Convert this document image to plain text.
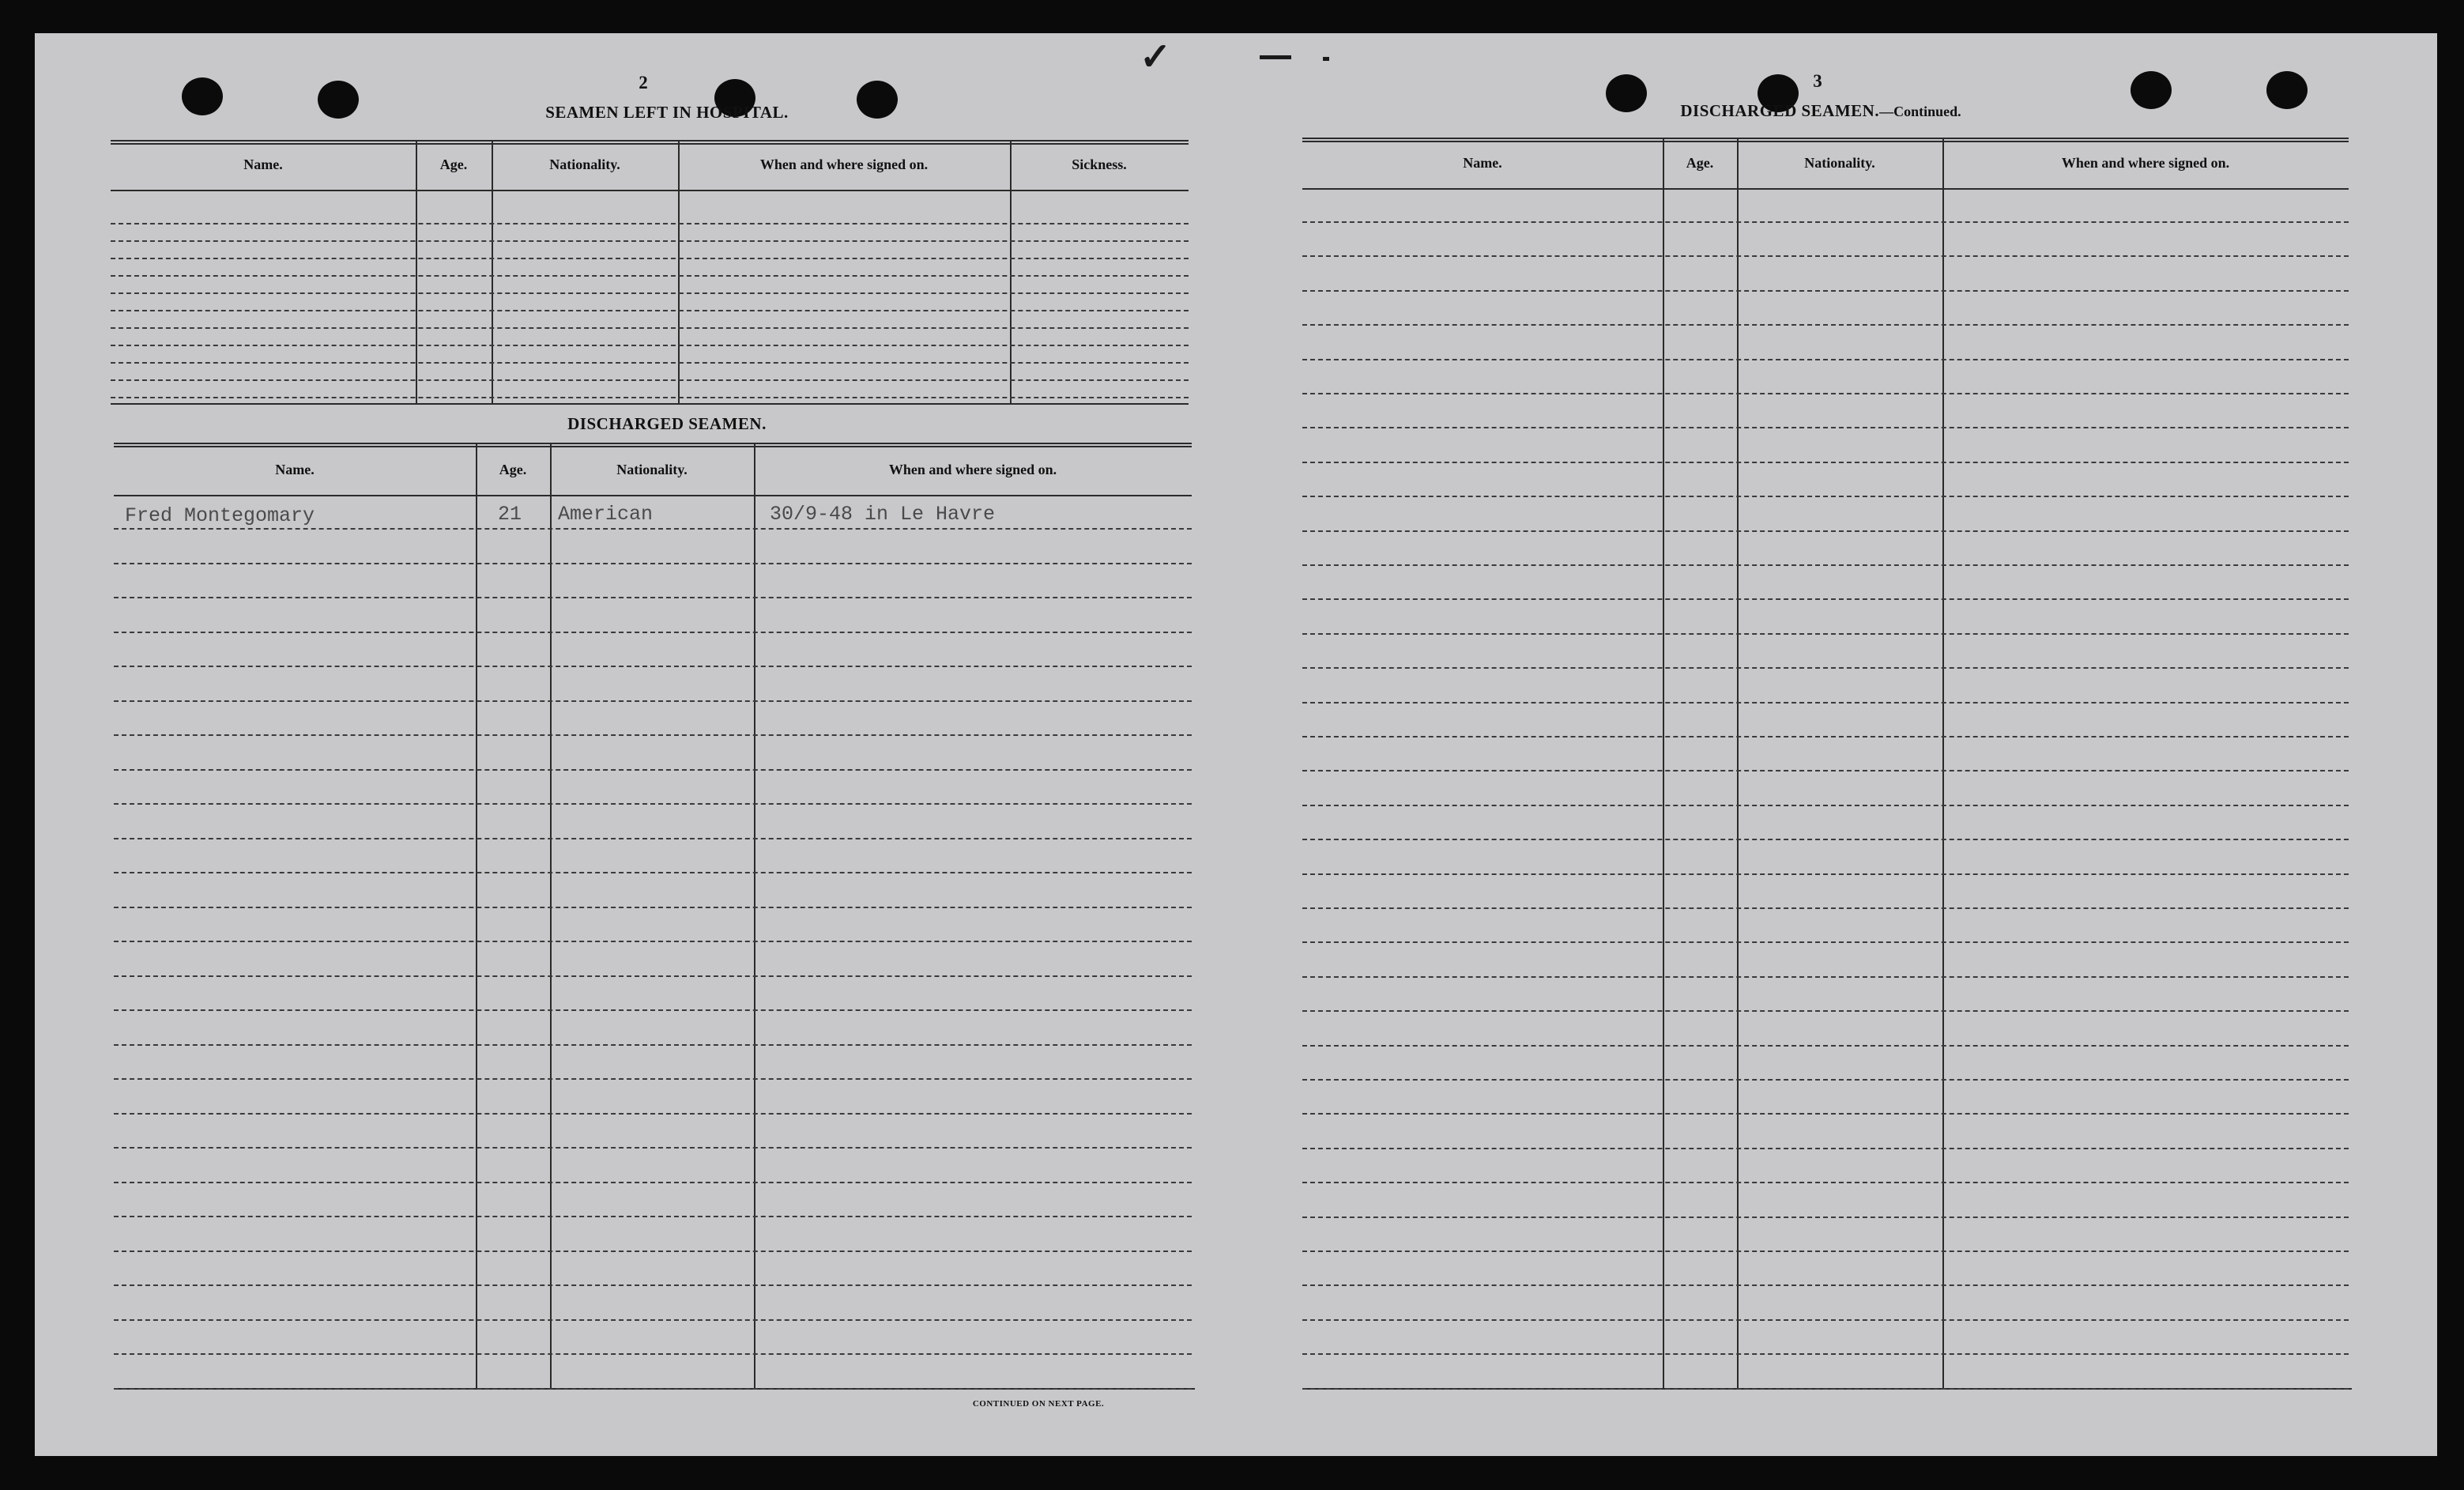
✓
2
SEAMEN LEFT IN HOSPITAL.
Name.	Age.	Nationality.	When and where signed on.	Sickness.
DISCHARGED SEAMEN.
Name.	Age.	Nationality.	When and where signed on.
Fred Montegomary	21 American	30/9-48 in Le Havre
CONTINUED ON NEXT PAGE.
3
DISCHARGED SEAMEN.—Continued.
Name.	Age.	Nationality.	When and where signed on.
